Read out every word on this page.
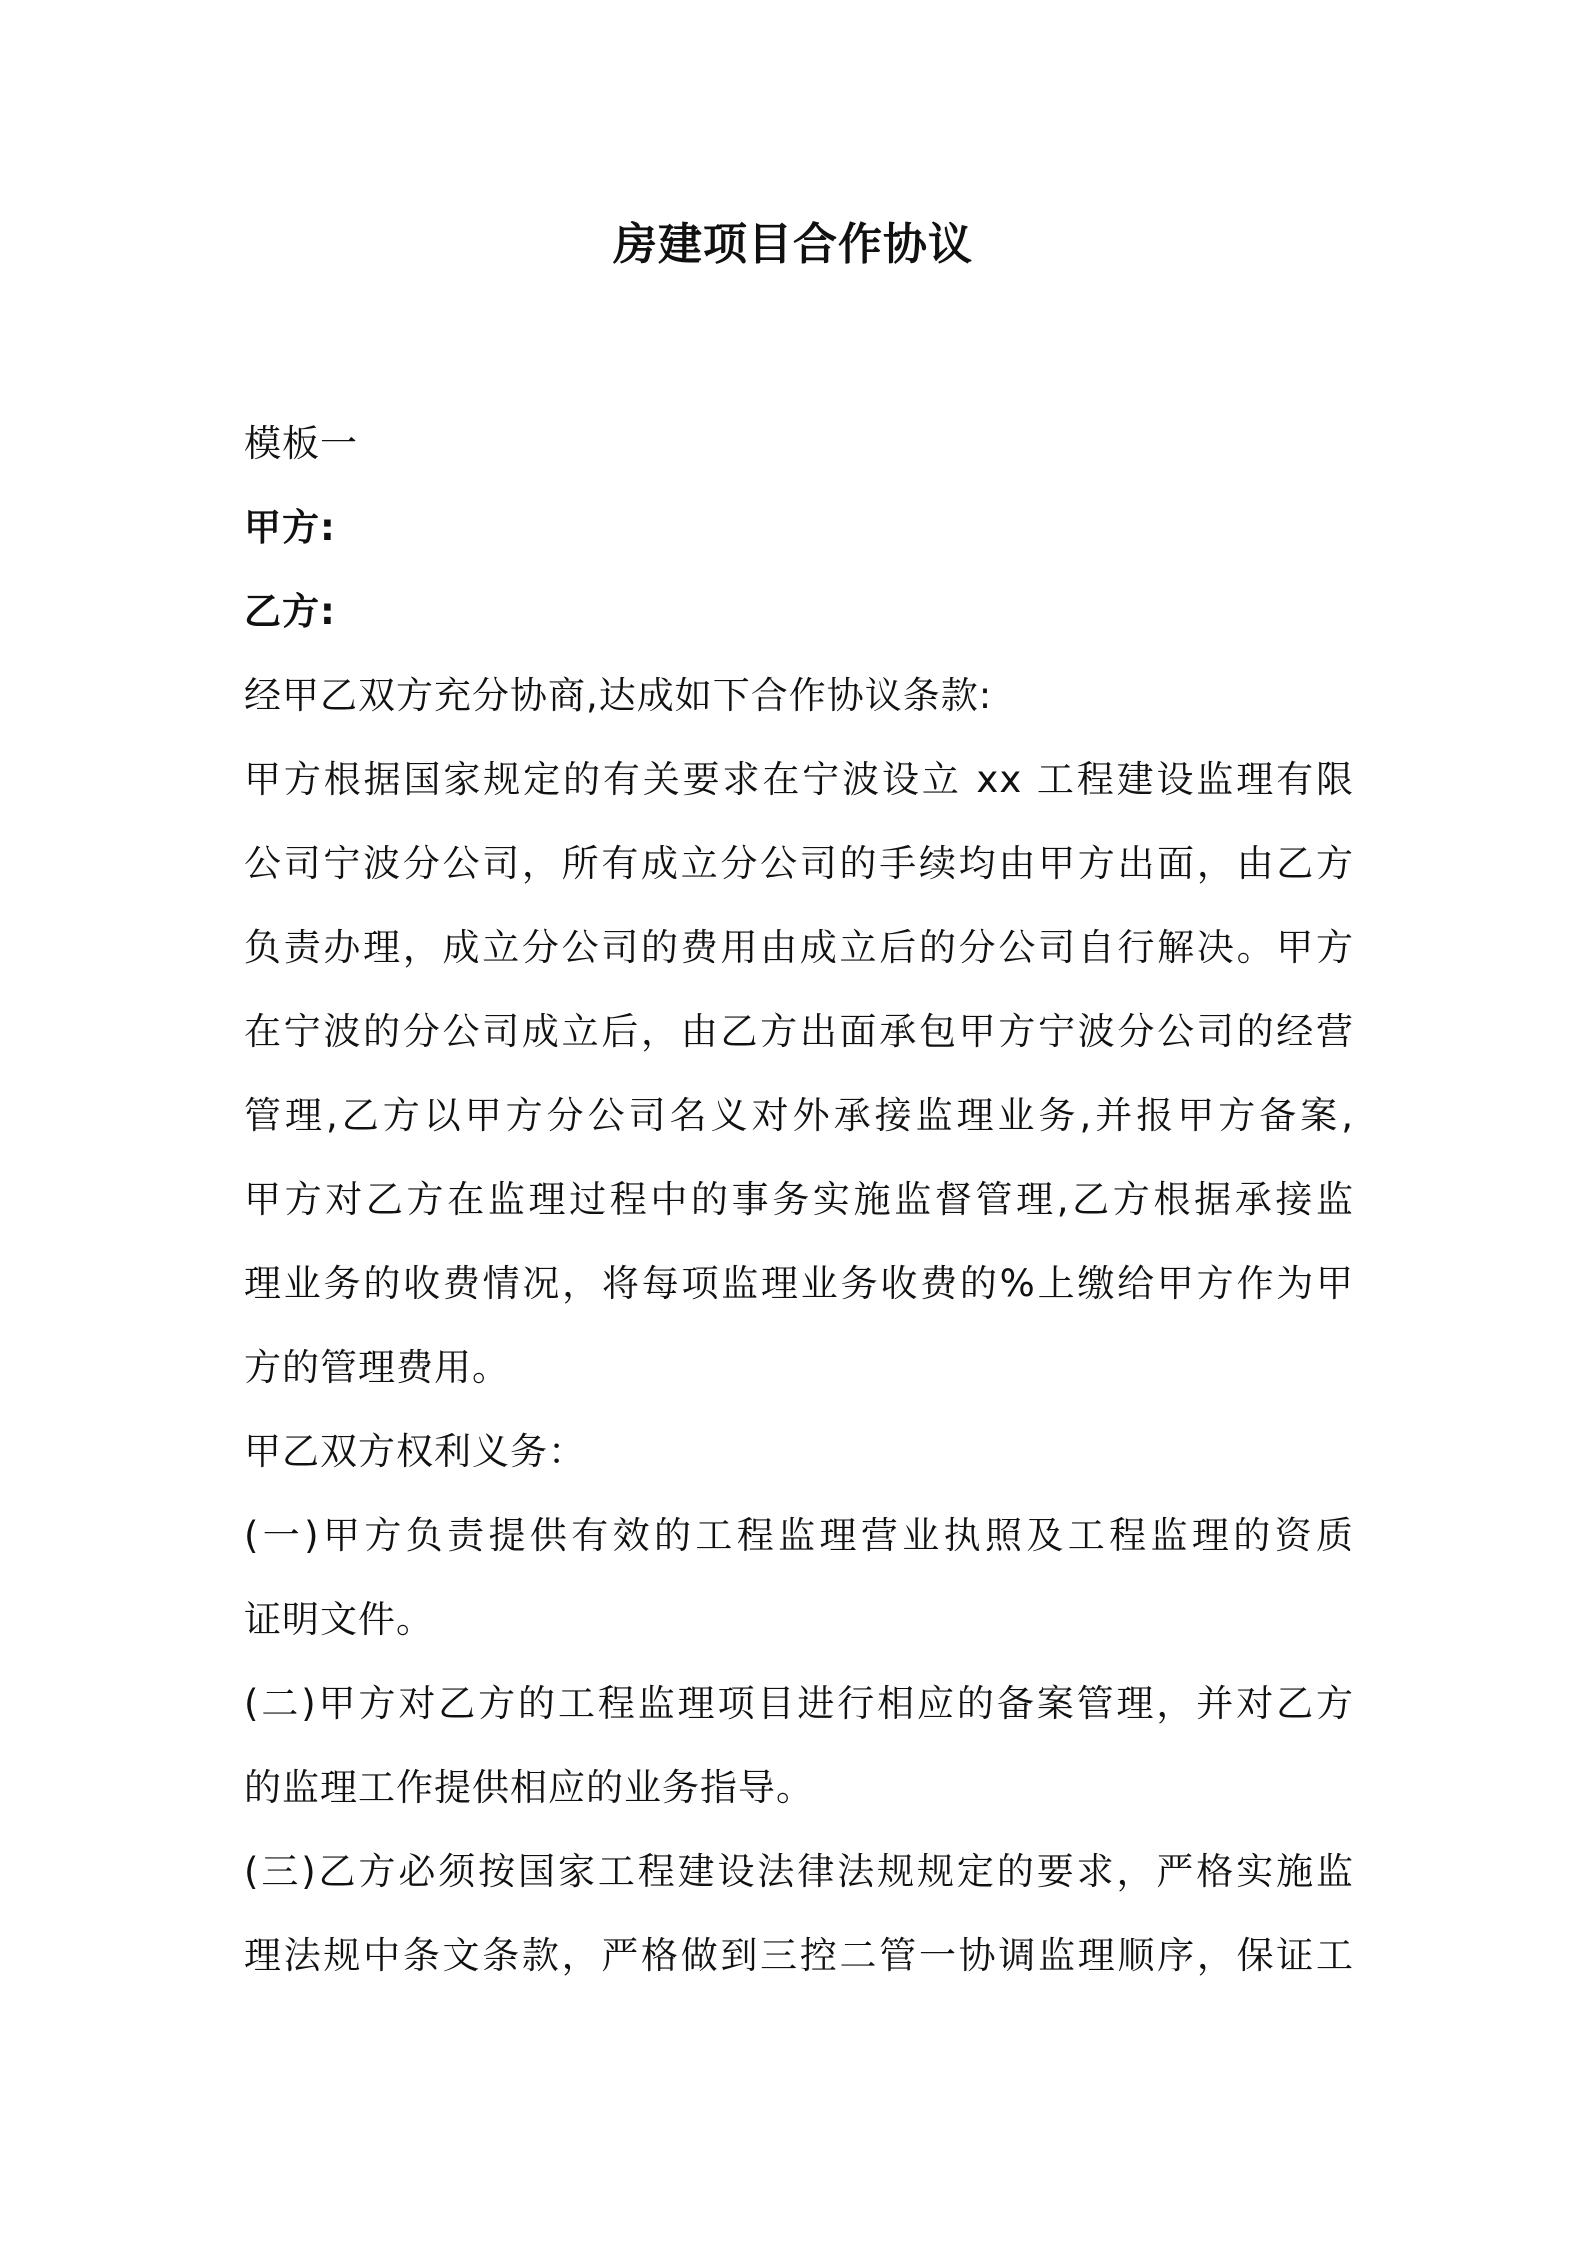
房建项目合作协议
模板一
甲方:
乙方:
经甲乙双方充分协商,达成如下合作协议条款:
甲方根据国家规定的有关要求在宁波设立 xx 工程建设监理有限
公司宁波分公司，所有成立分公司的手续均由甲方出面，由乙方
负责办理，成立分公司的费用由成立后的分公司自行解决。甲方
在宁波的分公司成立后，由乙方出面承包甲方宁波分公司的经营
管理,乙方以甲方分公司名义对外承接监理业务,并报甲方备案,
甲方对乙方在监理过程中的事务实施监督管理,乙方根据承接监
理业务的收费情况，将每项监理业务收费的%上缴给甲方作为甲
方的管理费用。
甲乙双方权利义务：
(一)甲方负责提供有效的工程监理营业执照及工程监理的资质
证明文件。
(二)甲方对乙方的工程监理项目进行相应的备案管理，并对乙方
的监理工作提供相应的业务指导。
(三)乙方必须按国家工程建设法律法规规定的要求，严格实施监
理法规中条文条款，严格做到三控二管一协调监理顺序，保证工
